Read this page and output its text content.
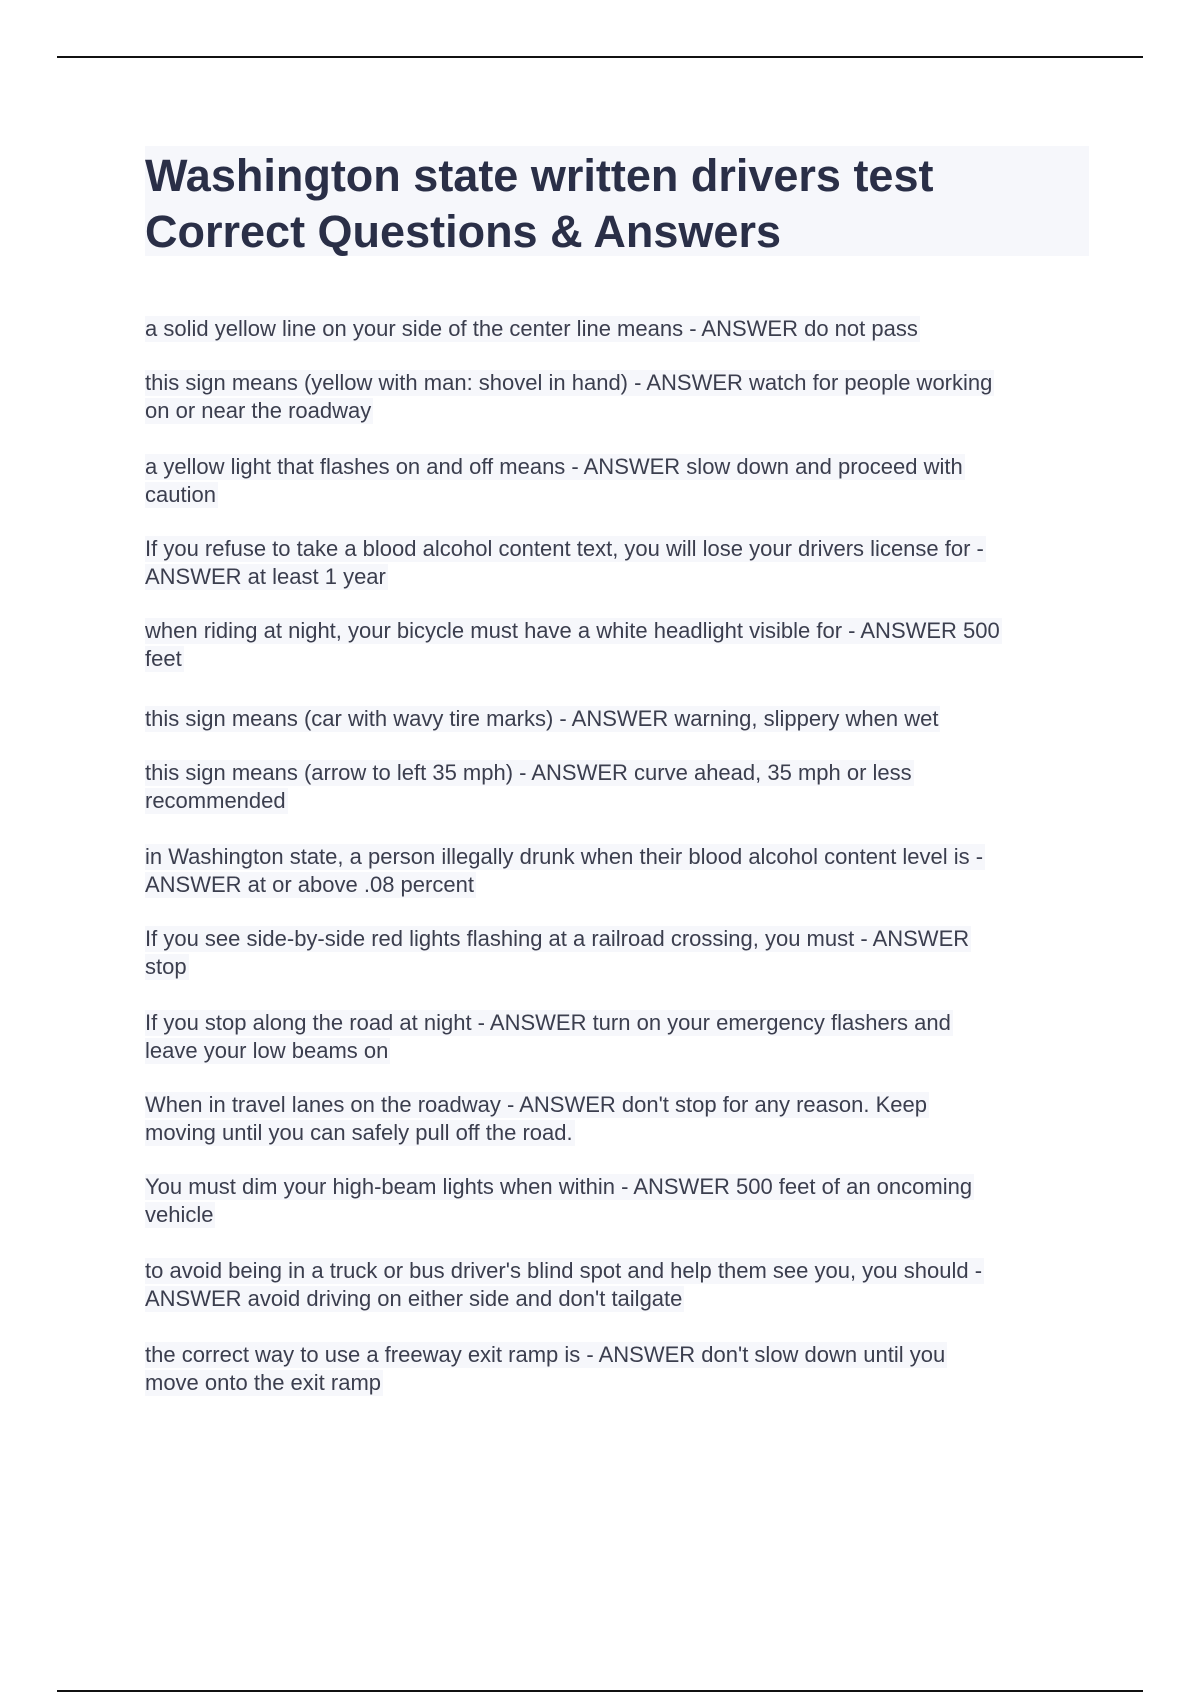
Washington state written drivers test
Correct Questions & Answers
a solid yellow line on your side of the center line means - ANSWER do not pass
this sign means (yellow with man: shovel in hand) - ANSWER watch for people working
on or near the roadway
a yellow light that flashes on and off means - ANSWER slow down and proceed with
caution
If you refuse to take a blood alcohol content text, you will lose your drivers license for -
ANSWER at least 1 year
when riding at night, your bicycle must have a white headlight visible for - ANSWER 500
feet
this sign means (car with wavy tire marks) - ANSWER warning, slippery when wet
this sign means (arrow to left 35 mph) - ANSWER curve ahead, 35 mph or less
recommended
in Washington state, a person illegally drunk when their blood alcohol content level is -
ANSWER at or above .08 percent
If you see side-by-side red lights flashing at a railroad crossing, you must - ANSWER
stop
If you stop along the road at night - ANSWER turn on your emergency flashers and
leave your low beams on
When in travel lanes on the roadway - ANSWER don't stop for any reason. Keep
moving until you can safely pull off the road.
You must dim your high-beam lights when within - ANSWER 500 feet of an oncoming
vehicle
to avoid being in a truck or bus driver's blind spot and help them see you, you should -
ANSWER avoid driving on either side and don't tailgate
the correct way to use a freeway exit ramp is - ANSWER don't slow down until you
move onto the exit ramp
